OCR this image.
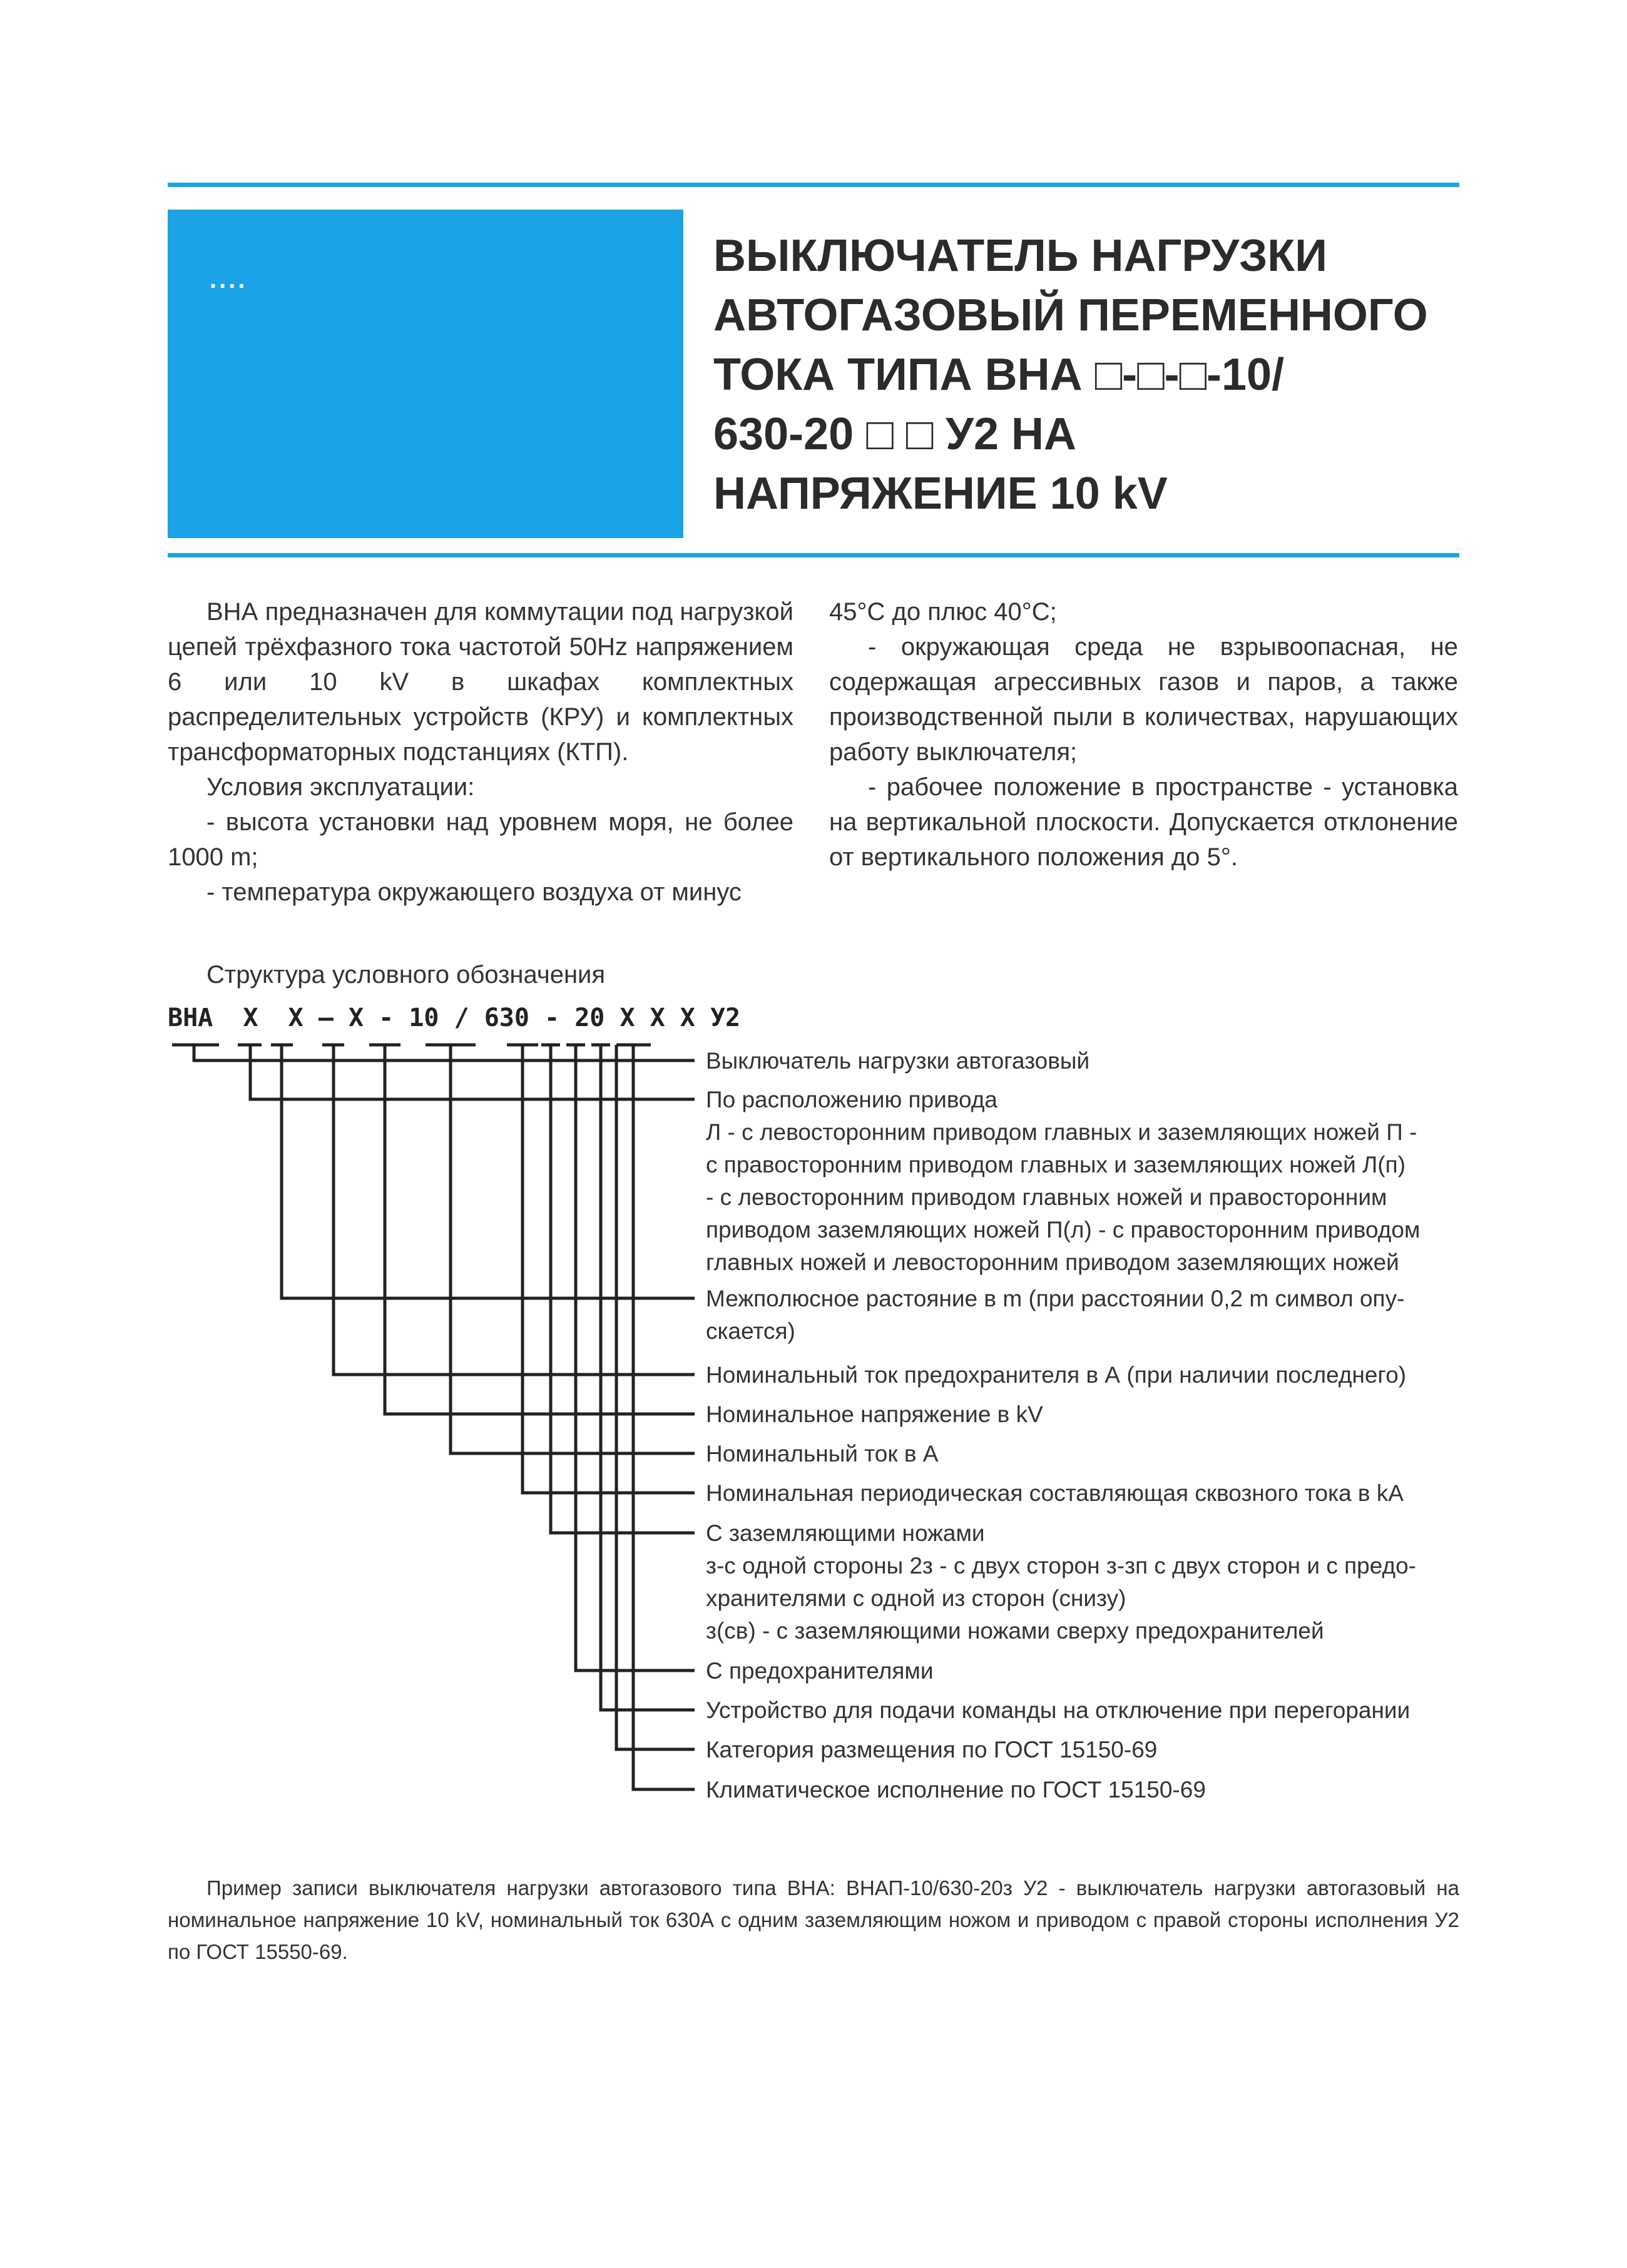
....	ВЫКЛЮЧАТЕЛЬ НАГРУЗКИ
АВТОГАЗОВЫЙ ПЕРЕМЕННОГО
ТОКА ТИПА ВНА □-□-□-10/
630-20 □ □ У2 НА
НАПРЯЖЕНИЕ 10 kV

ВНА предназначен для коммутации под нагрузкой цепей трёхфазного тока частотой 50Hz напряжением 6 или 10 kV в шкафах комплектных распределительных устройств (КРУ) и комплектных трансформаторных подстанциях (КТП).

Условия эксплуатации:

- высота установки над уровнем моря, не более 1000 m;

- температура окружающего воздуха от минус

45°С до плюс 40°С;

- окружающая среда не взрывоопасная, не содержащая агрессивных газов и паров, а также производственной пыли в количествах, нарушающих работу выключателя;

- рабочее положение в пространстве - установка на вертикальной плоскости. Допускается отклонение от вертикального положения до 5°.

Структура условного обозначения
ВНА  Х  Х – Х - 10 / 630 - 20 Х Х Х У2

Выключатель нагрузки автогазовый

По расположению привода

Л - с левосторонним приводом главных и заземляющих ножей П -

с правосторонним приводом главных и заземляющих ножей Л(п)

- с левосторонним приводом главных ножей и правосторонним

приводом заземляющих ножей П(л) - с правосторонним приводом

главных ножей и левосторонним приводом заземляющих ножей

Межполюсное растояние в m (при расстоянии 0,2 m символ опу-

скается)

Номинальный ток предохранителя в А (при наличии последнего)

Номинальное напряжение в kV

Номинальный ток в А

Номинальная периодическая составляющая сквозного тока в kА

С заземляющими ножами

з-с одной стороны 2з - с двух сторон з-зп с двух сторон и с предо-

хранителями с одной из сторон (снизу)

з(св) - с заземляющими ножами сверху предохранителей

С предохранителями

Устройство для подачи команды на отключение при перегорании

Категория размещения по ГОСТ 15150-69

Климатическое исполнение по ГОСТ 15150-69

Пример записи выключателя нагрузки автогазового типа ВНА: ВНАП-10/630-20з У2 - выключатель нагрузки автогазовый на номинальное напряжение 10 kV, номинальный ток 630А с одним заземляющим ножом и приводом с правой стороны исполнения У2 по ГОСТ 15550-69.
